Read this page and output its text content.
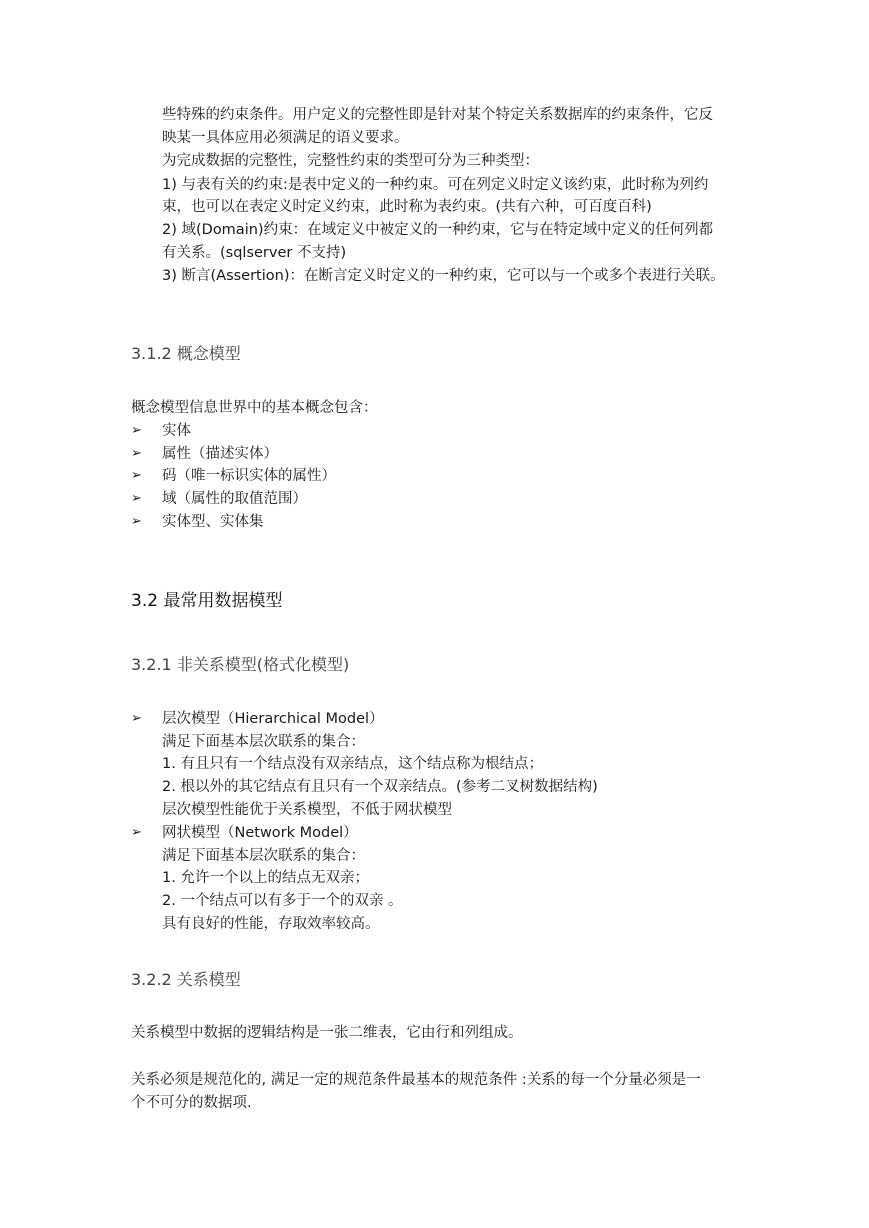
些特殊的约束条件。用户定义的完整性即是针对某个特定关系数据库的约束条件，它反
映某一具体应用必须满足的语义要求。
为完成数据的完整性，完整性约束的类型可分为三种类型：
1) 与表有关的约束:是表中定义的一种约束。可在列定义时定义该约束，此时称为列约
束，也可以在表定义时定义约束，此时称为表约束。(共有六种，可百度百科)
2) 域(Domain)约束：在域定义中被定义的一种约束，它与在特定域中定义的任何列都
有关系。(sqlserver 不支持)
3) 断言(Assertion)：在断言定义时定义的一种约束，它可以与一个或多个表进行关联。
3.1.2 概念模型
概念模型信息世界中的基本概念包含：
➢ 实体
➢ 属性（描述实体）
➢ 码（唯一标识实体的属性）
➢ 域（属性的取值范围）
➢ 实体型、实体集
3.2 最常用数据模型
3.2.1 非关系模型(格式化模型)
➢ 层次模型（Hierarchical Model）
满足下面基本层次联系的集合：
1. 有且只有一个结点没有双亲结点，这个结点称为根结点；
2. 根以外的其它结点有且只有一个双亲结点。(参考二叉树数据结构)
层次模型性能优于关系模型，不低于网状模型
➢ 网状模型（Network Model）
满足下面基本层次联系的集合：
1. 允许一个以上的结点无双亲；
2. 一个结点可以有多于一个的双亲 。
具有良好的性能，存取效率较高。
3.2.2 关系模型
关系模型中数据的逻辑结构是一张二维表，它由行和列组成。
关系必须是规范化的, 满足一定的规范条件最基本的规范条件 :关系的每一个分量必须是一
个不可分的数据项.
